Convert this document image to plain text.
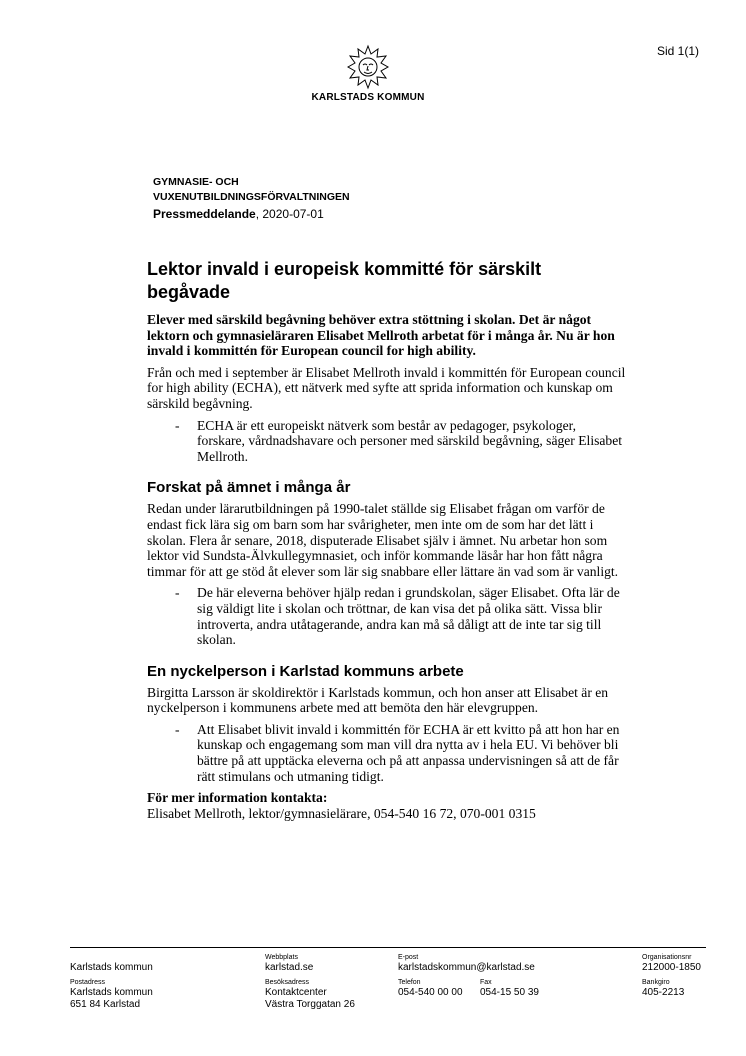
Sid 1(1)
KARLSTADS KOMMUN
GYMNASIE- OCH
VUXENUTBILDNINGSFÖRVALTNINGEN
Pressmeddelande, 2020-07-01
Lektor invald i europeisk kommitté för särskilt begåvade

Elever med särskild begåvning behöver extra stöttning i skolan. Det är något lektorn och gymnasieläraren Elisabet Mellroth arbetat för i många år. Nu är hon invald i kommittén för European council for high ability.

Från och med i september är Elisabet Mellroth invald i kommittén för European council for high ability (ECHA), ett nätverk med syfte att sprida information och kunskap om särskild begåvning.

- ECHA är ett europeiskt nätverk som består av pedagoger, psykologer, forskare, vårdnadshavare och personer med särskild begåvning, säger Elisabet Mellroth.
Forskat på ämnet i många år

Redan under lärarutbildningen på 1990-talet ställde sig Elisabet frågan om varför de endast fick lära sig om barn som har svårigheter, men inte om de som har det lätt i skolan. Flera år senare, 2018, disputerade Elisabet själv i ämnet. Nu arbetar hon som lektor vid Sundsta-Älvkullegymnasiet, och inför kommande läsår har hon fått några timmar för att ge stöd åt elever som lär sig snabbare eller lättare än vad som är vanligt.

- De här eleverna behöver hjälp redan i grundskolan, säger Elisabet. Ofta lär de sig väldigt lite i skolan och tröttnar, de kan visa det på olika sätt. Vissa blir introverta, andra utåtagerande, andra kan må så dåligt att de inte tar sig till skolan.
En nyckelperson i Karlstad kommuns arbete

Birgitta Larsson är skoldirektör i Karlstads kommun, och hon anser att Elisabet är en nyckelperson i kommunens arbete med att bemöta den här elevgruppen.

- Att Elisabet blivit invald i kommittén för ECHA är ett kvitto på att hon har en kunskap och engagemang som man vill dra nytta av i hela EU. Vi behöver bli bättre på att upptäcka eleverna och på att anpassa undervisningen så att de får rätt stimulans och utmaning tidigt.
För mer information kontakta:
Elisabet Mellroth, lektor/gymnasielärare, 054-540 16 72, 070-001 0315
Karlstads kommun
Webbplats
karlstad.se
E-post
karlstadskommun@karlstad.se
Organisationsnr
212000-1850
Postadress
Karlstads kommun
651 84 Karlstad
Besöksadress
Kontaktcenter
Västra Torggatan 26
Telefon
054-540 00 00
Fax
054-15 50 39
Bankgiro
405-2213
